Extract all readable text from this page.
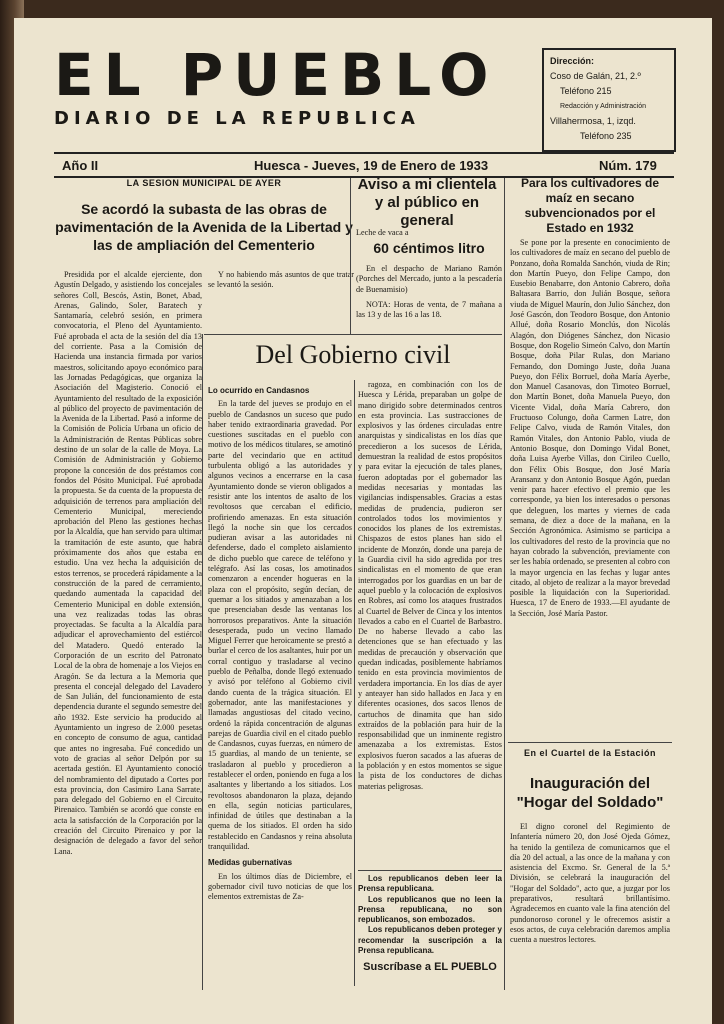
EL PUEBLO
DIARIO DE LA REPUBLICA
Dirección:
Coso de Galán, 21, 2.º
Teléfono 215
Redacción y Administración
Villahermosa, 1, izqd.
Teléfono 235
Año II	Huesca - Jueves, 19 de Enero de 1933	Núm. 179
LA SESION MUNICIPAL DE AYER
Se acordó la subasta de las obras de pavimentación de la Avenida de la Libertad y las de ampliación del Cementerio

Presidida por el alcalde ejerciente, don Agustín Delgado, y asistiendo los concejales señores Coll, Bescós, Astin, Bonet, Abad, Arenas, Galindo, Soler, Baratech y Santamaría, celebró sesión, en primera convocatoria, el Pleno del Ayuntamiento. Fué aprobada el acta de la sesión del día 13 del corriente. Pasa a la Comisión de Hacienda una instancia firmada por varios maestros, solicitando apoyo económico para las Jornadas Pedagógicas, que organiza la Asociación del Magisterio. Conoció el Ayuntamiento del resultado de la exposición al público del proyecto de pavimentación de la Avenida de la Libertad. Pasó a informe de la Comisión de Policía Urbana un oficio de la Administración de Rentas Públicas sobre destino de un solar de la calle de Moya. La Comisión de Administración y Gobierno propone la concesión de dos préstamos con fondos del Pósito Municipal. Fué aprobada la propuesta. Se da cuenta de la propuesta de adquisición de terrenos para ampliación del Cementerio Municipal, mereciendo aprobación del Pleno las gestiones hechas por la Alcaldía, que han servido para ultimar la tramitación de este asunto, que habrá próximamente dos años que estaba en estudio. Una vez hecha la adquisición de estos terrenos, se procederá rápidamente a la construcción de la pared de cerramiento, quedando aumentada la capacidad del Cementerio Municipal en doble extensión, una vez realizadas todas las obras proyectadas. Se faculta a la Alcaldía para adjudicar el aprovechamiento del estiércol del Matadero. Quedó enterado la Corporación de un escrito del Patronato Local de la obra de homenaje a los Viejos en Aragón. Se da lectura a la Memoria que presenta el concejal delegado del Lavadero de San Julián, del funcionamiento de esta dependencia durante el segundo semestre del año 1932. Este servicio ha producido al Ayuntamiento un ingreso de 2.000 pesetas en concepto de consumo de agua, cantidad que antes no ingresaba. Fué concedido un voto de gracias al señor Delpón por su acertada gestión. El Ayuntamiento conoció del nombramiento del diputado a Cortes por esta provincia, don Casimiro Lana Sarrate, para delegado del Gobierno en el Circuito Pirenaico. También se acordó que conste en acta la satisfacción de la Corporación por la creación del Circuito Pirenaico y por la designación de delegado a favor del señor Lana.

Y no habiendo más asuntos de que tratar se levantó la sesión.

Aviso a mi clientela y al público en general
Leche de vaca a
60 céntimos litro

En el despacho de Mariano Ramón (Porches del Mercado, junto a la pescadería de Buenamisio)

NOTA: Horas de venta, de 7 mañana a las 13 y de las 16 a las 18.

Del Gobierno civil
Lo ocurrido en Candasnos

En la tarde del jueves se produjo en el pueblo de Candasnos un suceso que pudo haber tenido extraordinaria gravedad. Por cuestiones suscitadas en el pueblo con motivo de los médicos titulares, se amotinó parte del vecindario que en actitud turbulenta obligó a las autoridades y algunos vecinos a encerrarse en la casa Ayuntamiento donde se vieron obligados a resistir ante los intentos de asalto de los revoltosos que cercaban el edificio, profiriendo amenazas. En esta situación llegó la noche sin que los cercados pudieran avisar a las autoridades ni defenderse, dado el completo aislamiento de dicho pueblo que carece de teléfono y telégrafo. Así las cosas, los amotinados comenzaron a encender hogueras en la plaza con el propósito, según decían, de quemar a los sitiados y amenazaban a los que presenciaban desde las ventanas los horrorosos preparativos. Ante la situación desesperada, pudo un vecino llamado Miguel Ferrer que heroicamente se prestó a burlar el cerco de los asaltantes, huir por un corral contiguo y trasladarse al vecino pueblo de Peñalba, donde llegó extenuado y avisó por teléfono al Gobierno civil dando cuenta de la trágica situación. El gobernador, ante las manifestaciones y llamadas angustiosas del citado vecino, ordenó la rápida concentración de algunas parejas de Guardia civil en el citado pueblo de Candasnos, cuyas fuerzas, en número de 15 guardias, al mando de un teniente, se trasladaron al pueblo y procedieron a restablecer el orden, poniendo en fuga a los asaltantes y libertando a los sitiados. Los revoltosos abandonaron la plaza, dejando en ella, según noticias particulares, infinidad de útiles que destinaban a la quema de los sitiados. El orden ha sido restablecido en Candasnos y reina absoluta tranquilidad.

Medidas gubernativas

En los últimos días de Diciembre, el gobernador civil tuvo noticias de que los elementos extremistas de Za-

ragoza, en combinación con los de Huesca y Lérida, preparaban un golpe de mano dirigido sobre determinados centros en esta provincia. Las sustracciones de explosivos y las órdenes circuladas entre anarquistas y sindicalistas en los días que precedieron a los sucesos de Lérida, demuestran la realidad de estos propósitos y para evitar la ejecución de tales planes, fueron adoptadas por el gobernador las medidas necesarias y montadas las vigilancias indispensables. Gracias a estas medidas de prudencia, pudieron ser controlados todos los movimientos y conocidos los planes de los extremistas. Chispazos de estos planes han sido el incidente de Monzón, donde una pareja de la Guardia civil ha sido agredida por tres sindicalistas en el momento de que eran interrogados por los guardias en un bar de aquel pueblo y la colocación de explosivos en Robres, así como los ataques frustrados al Cuartel de Belver de Cinca y los intentos llevados a cabo en el Cuartel de Barbastro. De no haberse llevado a cabo las detenciones que se han efectuado y las medidas de precaución y observación que quedan indicadas, posiblemente habríamos tenido en esta provincia movimientos de verdadera importancia. En los días de ayer y anteayer han sido hallados en Jaca y en diferentes ocasiones, dos sacos llenos de cartuchos de dinamita que han sido extraídos de la población para huir de la responsabilidad que un inminente registro amenazaba a los extremistas. Estos explosivos fueron sacados a las afueras de la población y en estos momentos se sigue la pista de los conductores de dichas materias peligrosas.

Los republicanos deben leer la Prensa republicana.

Los republicanos que no leen la Prensa republicana, no son republicanos, son embozados.

Los republicanos deben proteger y recomendar la suscripción a la Prensa republicana.

Suscríbase a EL PUEBLO
Para los cultivadores de maíz en secano subvencionados por el Estado en 1932

Se pone por la presente en conocimiento de los cultivadores de maíz en secano del pueblo de Ponzano, doña Romalda Sanchón, viuda de Rin; don Martín Pueyo, don Felipe Campo, don Eusebio Benabarre, don Antonio Cabrero, doña Baltasara Barrio, don Julián Bosque, señora viuda de Miguel Maurín, don Julio Sánchez, don José Gascón, don Teodoro Bosque, don Antonio Allué, doña Rosario Monclús, don Nicolás Alagón, don Diógenes Sánchez, don Nicasio Bosque, don Rogelio Simeón Calvo, don Martín Bosque, doña Pilar Rulas, don Mariano Fernando, don Domingo Juste, doña Juana Pueyo, don Félix Borruel, doña María Ayerbe, don Manuel Casanovas, don Timoteo Borruel, don Martín Bonet, doña Manuela Pueyo, don Vicente Vidal, doña María Cabrero, don Fructuoso Colungo, doña Carmen Latre, don Felipe Calvo, viuda de Ramón Vitales, don Ramón Vitales, don Antonio Pablo, viuda de Antonio Bosque, don Domingo Vidal Bonet, doña Luisa Ayerbe Villas, don Cirileo Cuello, don Félix Obis Bosque, don José María Aransanz y don Antonio Bosque Agón, puedan venir para hacer efectivo el premio que les corresponde, ya bien los interesados o personas que deleguen, los martes y viernes de cada semana, de diez a doce de la mañana, en la Sección Agronómica. Asimismo se participa a los cultivadores del resto de la provincia que no hayan cobrado la subvención, previamente con ser les había ordenado, se presenten al cobro con la mayor urgencia en las fechas y lugar antes citado, al objeto de realizar a la mayor brevedad posible la liquidación con la Superioridad. Huesca, 17 de Enero de 1933.—El ayudante de la Sección, José María Pastor.

En el Cuartel de la Estación
Inauguración del "Hogar del Soldado"

El digno coronel del Regimiento de Infantería número 20, don José Ojeda Gómez, ha tenido la gentileza de comunicarnos que el día 20 del actual, a las once de la mañana y con asistencia del Excmo. Sr. General de la 5.ª División, se celebrará la inauguración del "Hogar del Soldado", acto que, a juzgar por los preparativos, resultará brillantísimo. Agradecemos en cuanto vale la fina atención del pundonoroso coronel y le ofrecemos asistir a esos actos, de cuya celebración daremos amplia cuenta a nuestros lectores.
